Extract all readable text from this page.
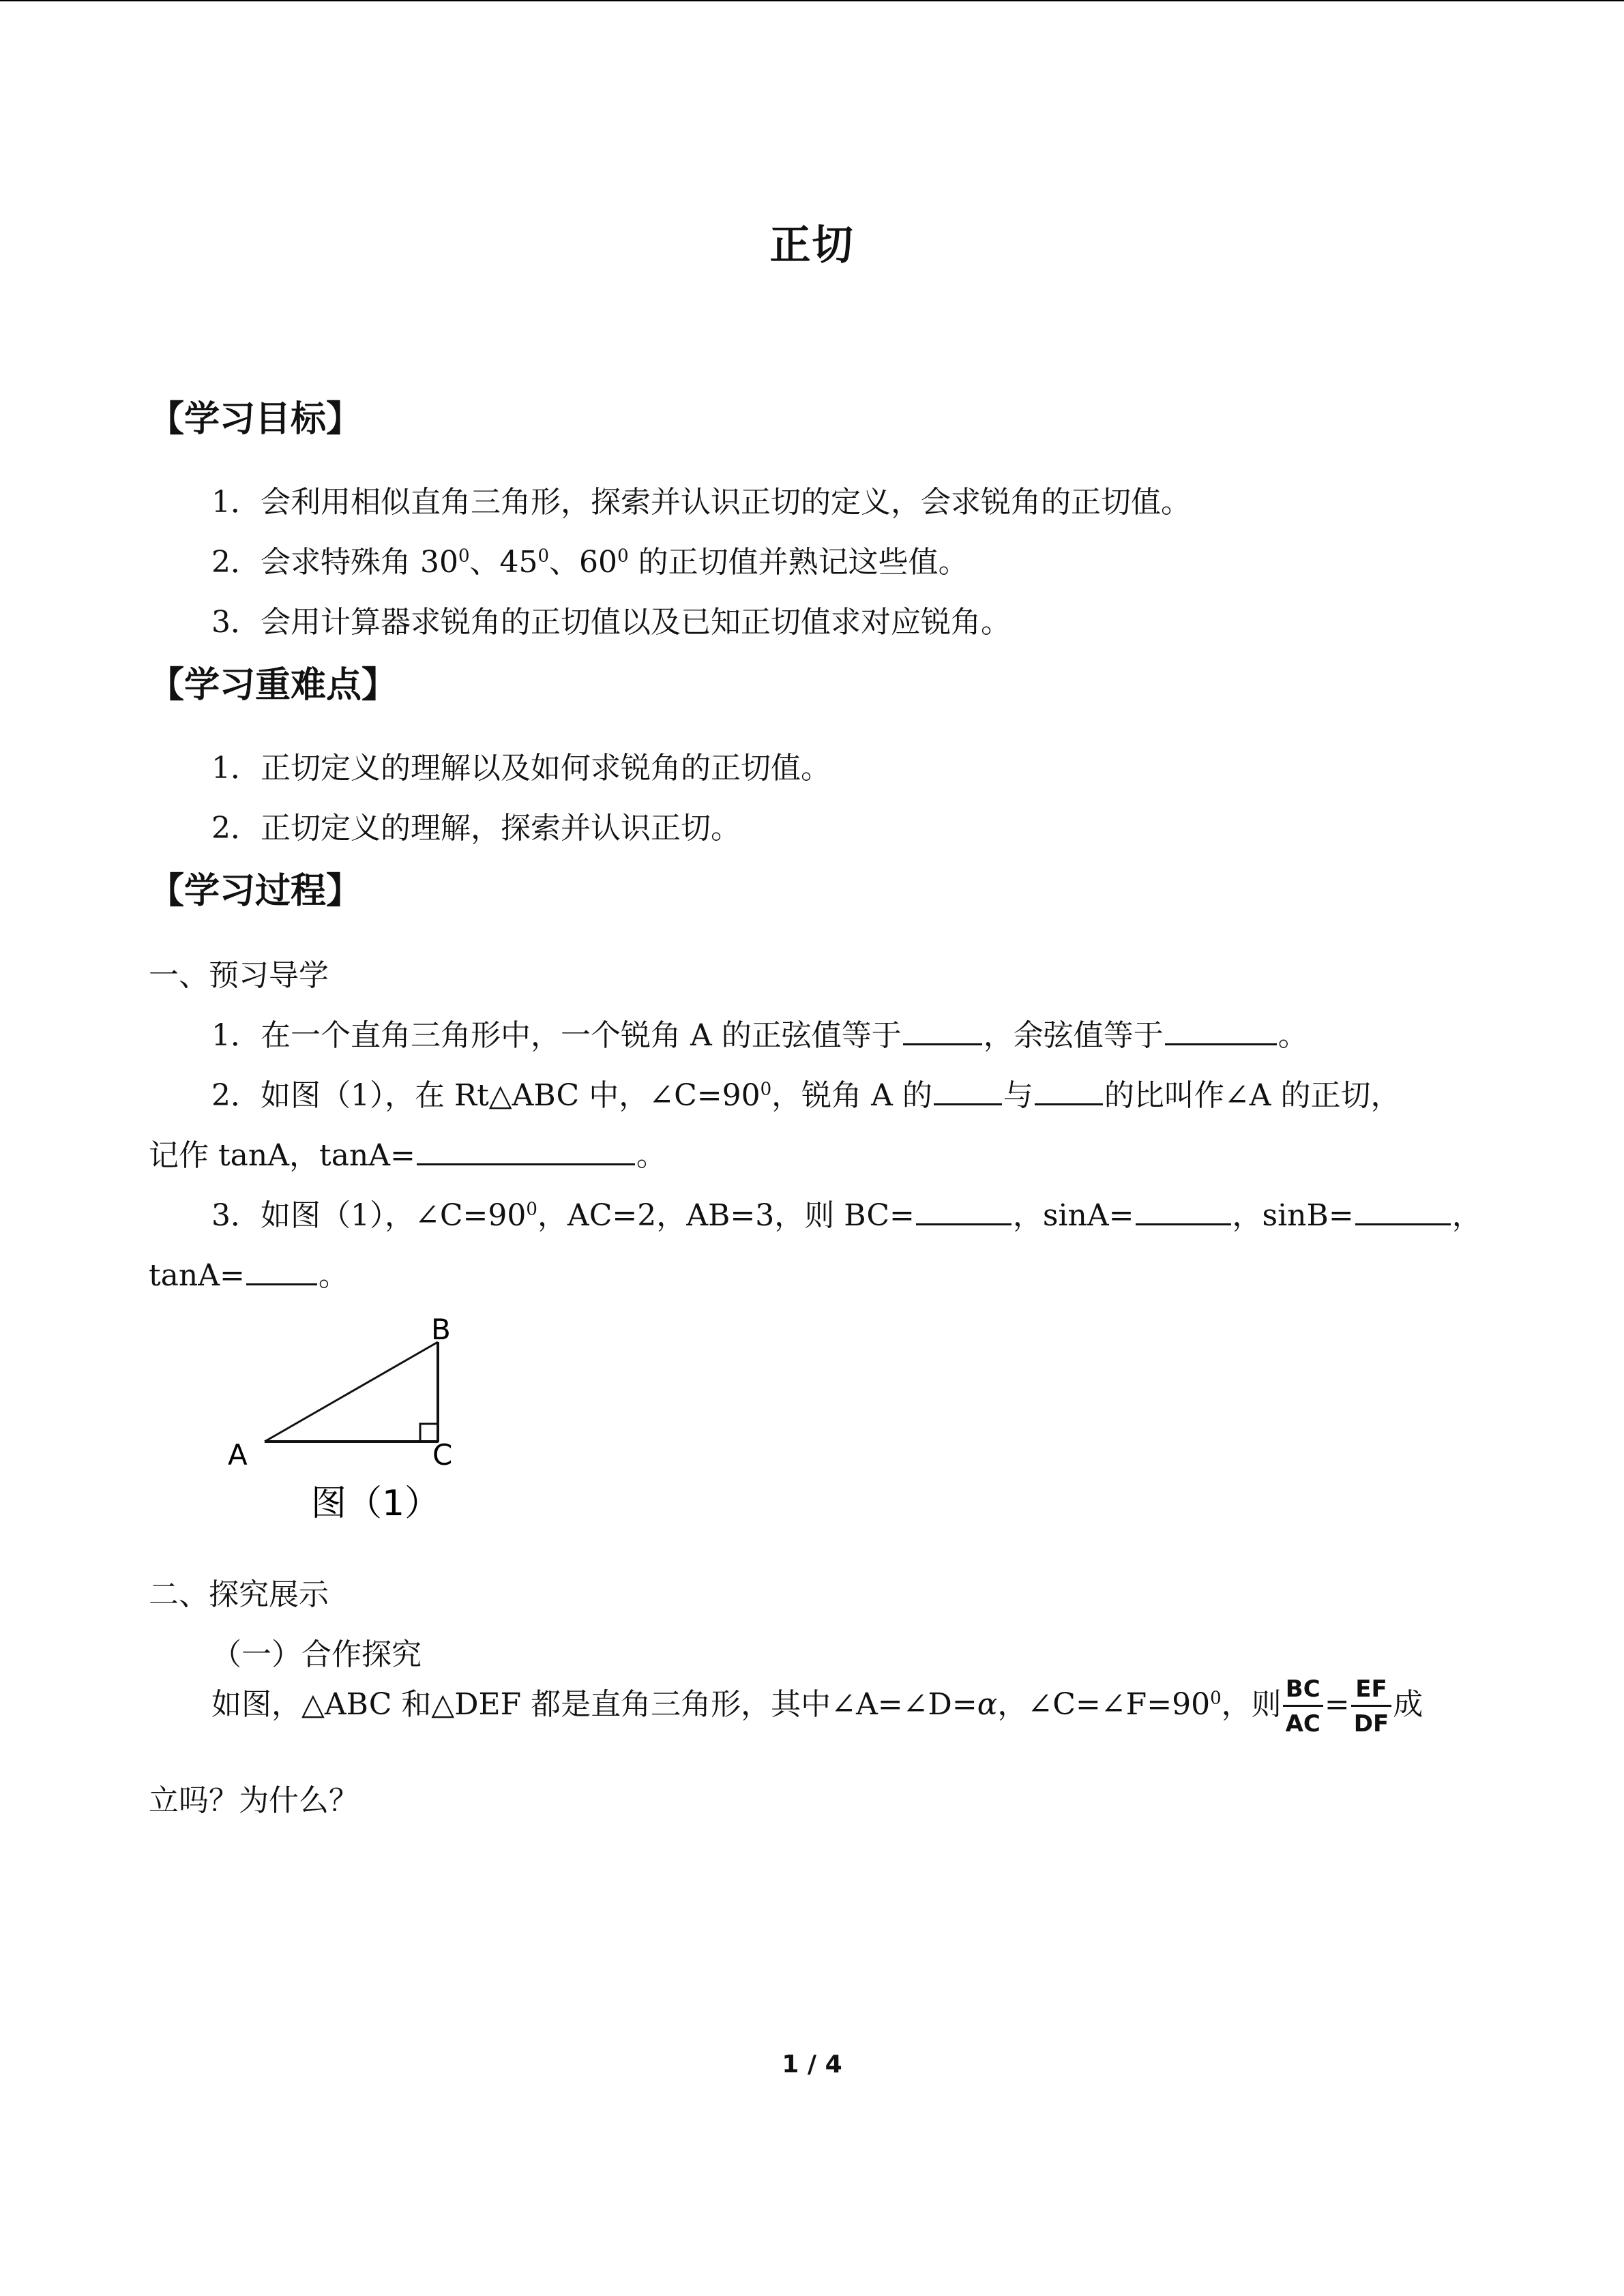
正切
【学习目标】
1．会利用相似直角三角形，探索并认识正切的定义，会求锐角的正切值。
2．会求特殊角 $30^0$、$45^0$、$60^0$ 的正切值并熟记这些值。
3．会用计算器求锐角的正切值以及已知正切值求对应锐角。
【学习重难点】
1．正切定义的理解以及如何求锐角的正切值。
2．正切定义的理解，探索并认识正切。
【学习过程】
一、预习导学
1．在一个直角三角形中，一个锐角 A 的正弦值等于	，余弦值等于	。
2．如图（1），在 Rt△ABC 中，$\angle C=90^0$，锐角 A 的 与 的比叫作∠A 的正切，
记作 tanA，tanA=	。
3．如图（1），$\angle C=90^0$，AC=2，AB=3，则 BC=	，sinA=	，sinB=	，
tanA= 。
A
B
C
图（1）
二、探究展示
（一）合作探究
如图，△ABC 和△DEF 都是直角三角形，其中∠A=∠D=α，$\angle C=\angle F=90^0$，则 $\frac{BC}{AC} = \frac{EF}{DF}$ 成
立吗？为什么？
1 / 4
